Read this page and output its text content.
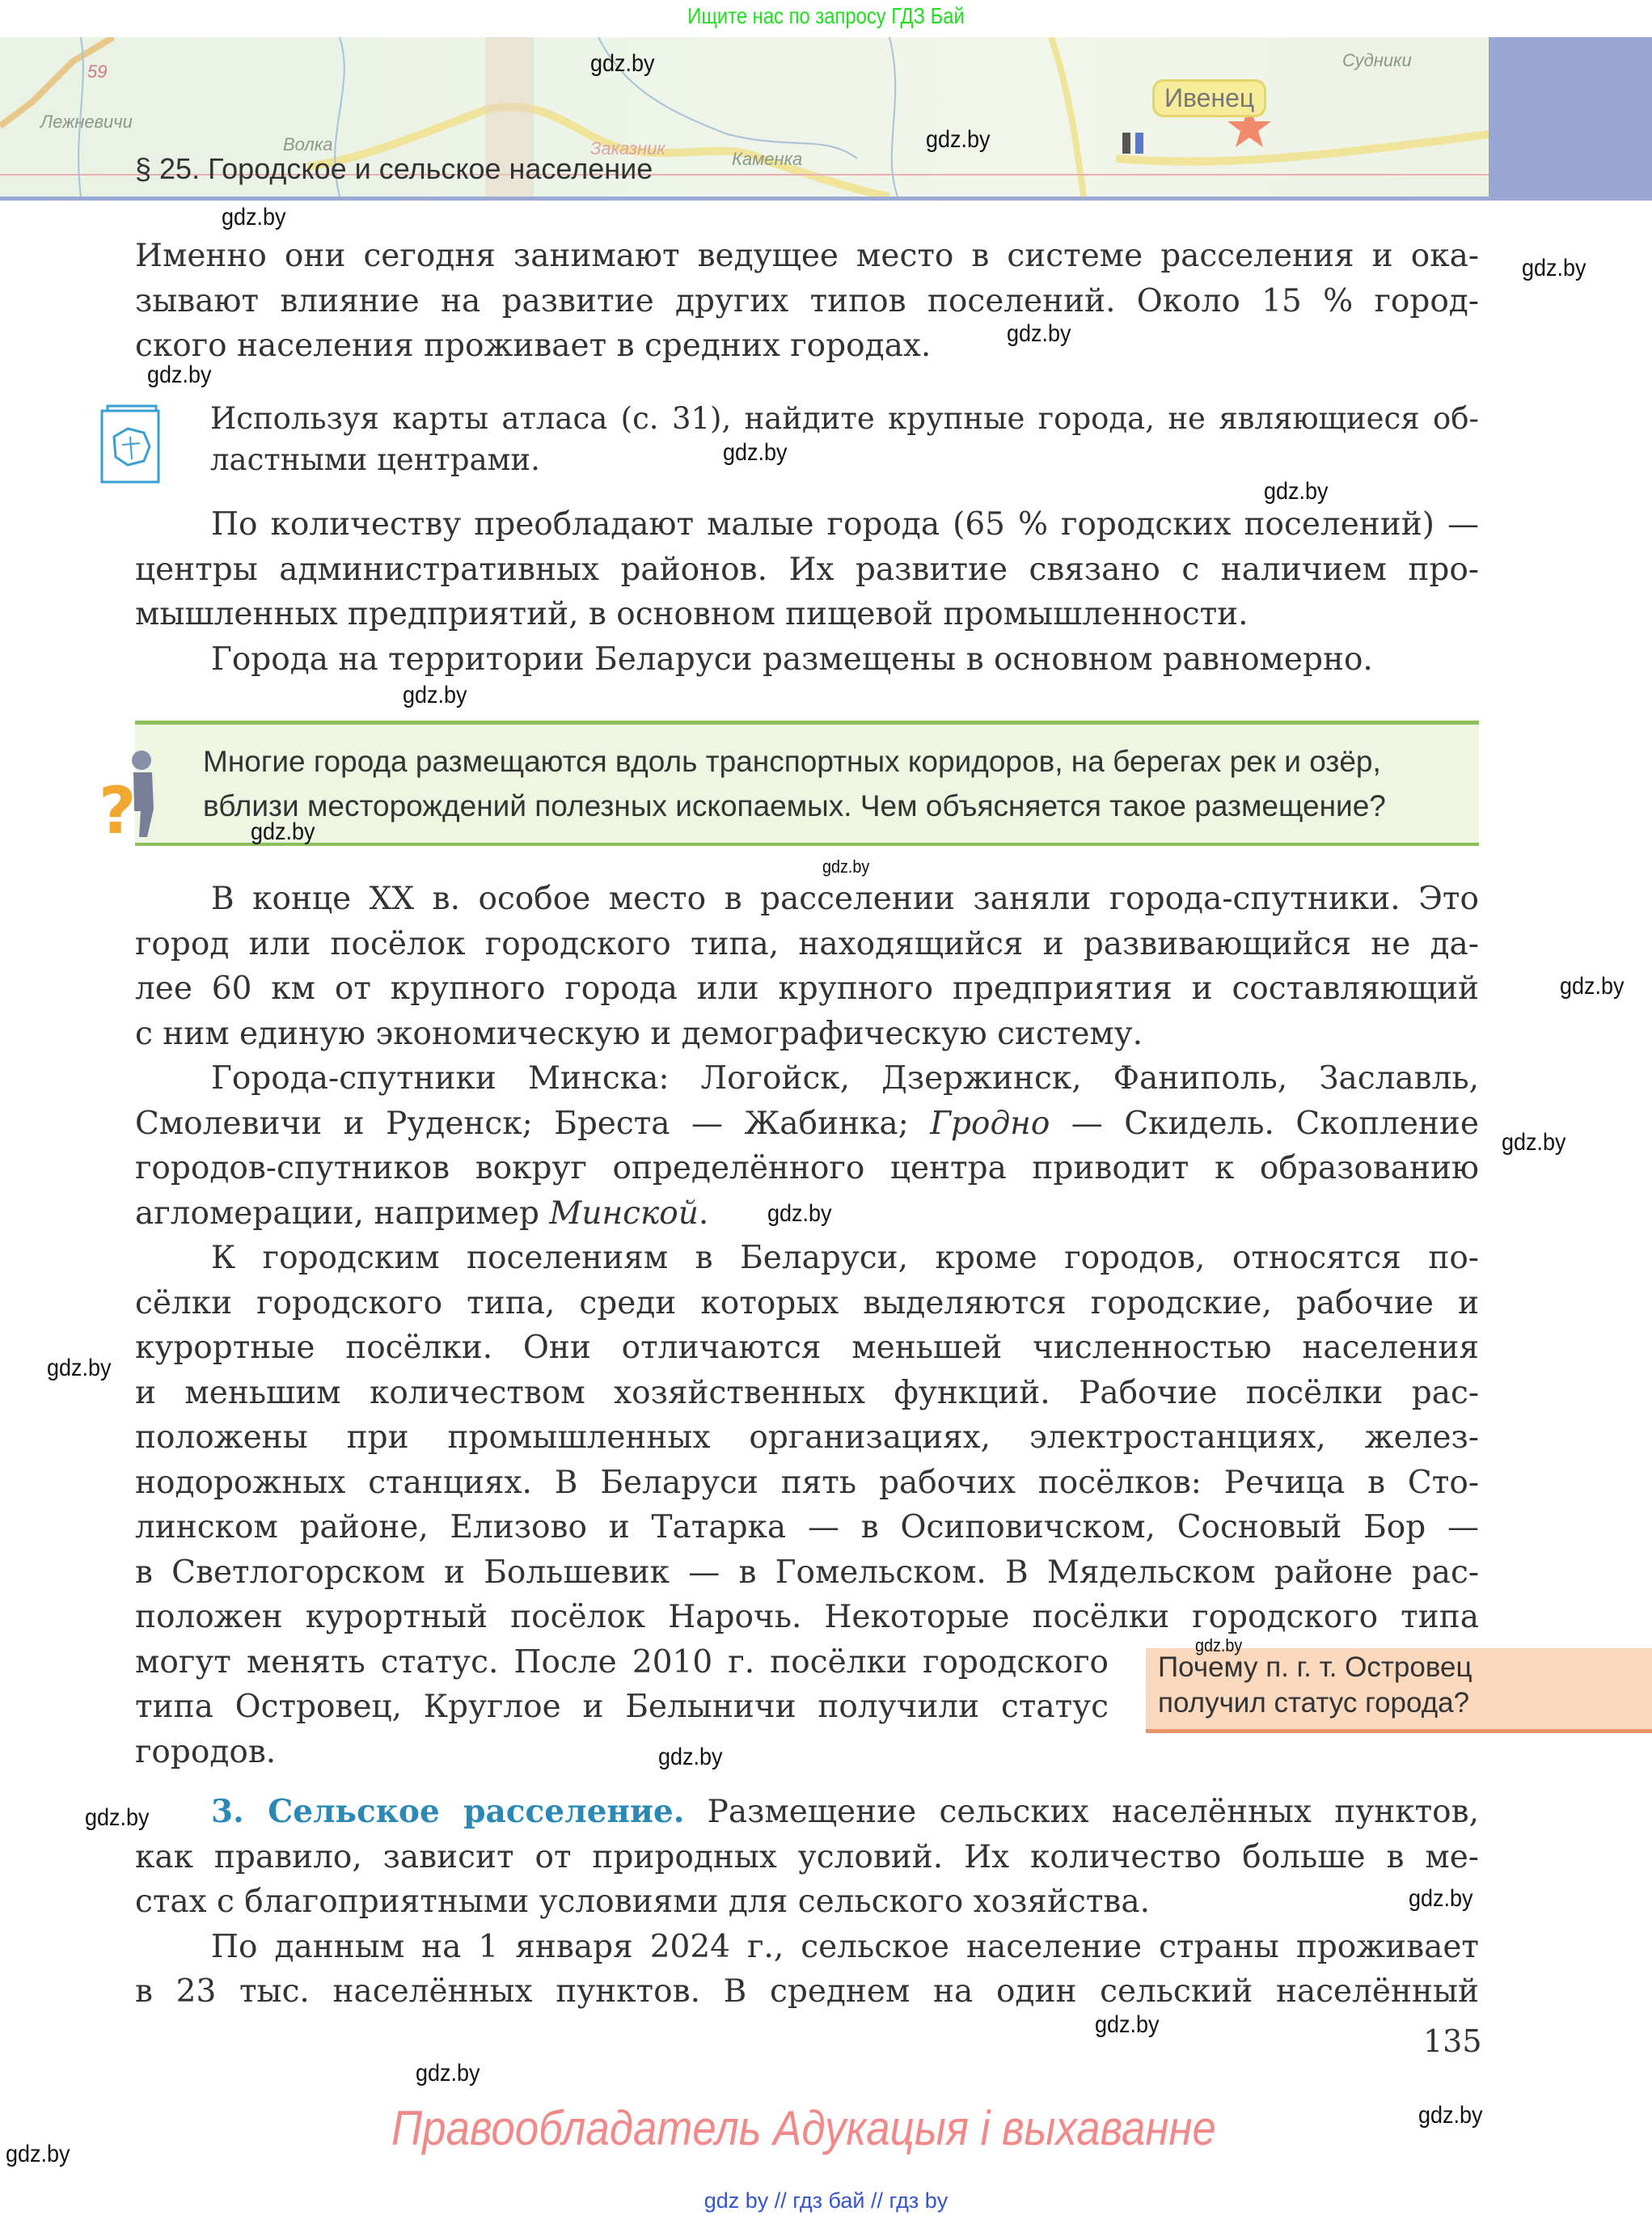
Ищите нас по запросу ГДЗ Бай
59
Лежневичи
Волка	Заказник
Каменка
Судники
Ивенец
§ 25. Городское и сельское население
Именно они сегодня занимают ведущее место в системе расселения и ока-
зывают влияние на развитие других типов поселений. Около 15 % город-
ского населения проживает в средних городах.
Используя карты атласа (с. 31), найдите крупные города, не являющиеся об-
ластными центрами.
По количеству преобладают малые города (65 % городских поселений) —
центры административных районов. Их развитие связано с наличием про-
мышленных предприятий, в основном пищевой промышленности.
Города на территории Беларуси размещены в основном равномерно.
?
Многие города размещаются вдоль транспортных коридоров, на берегах рек и озёр,
вблизи месторождений полезных ископаемых. Чем объясняется такое размещение?
В конце XX в. особое место в расселении заняли города-спутники. Это
город или посёлок городского типа, находящийся и развивающийся не да-
лее 60 км от крупного города или крупного предприятия и составляющий
с ним единую экономическую и демографическую систему.
Города-спутники Минска: Логойск, Дзержинск, Фаниполь, Заславль,
Смолевичи и Руденск; Бреста — Жабинка; Гродно — Скидель. Скопление
городов-спутников вокруг определённого центра приводит к образованию
агломерации, например Минской.
К городским поселениям в Беларуси, кроме городов, относятся по-
сёлки городского типа, среди которых выделяются городские, рабочие и
курортные посёлки. Они отличаются меньшей численностью населения
и меньшим количеством хозяйственных функций. Рабочие посёлки рас-
положены при промышленных организациях, электростанциях, желез-
нодорожных станциях. В Беларуси пять рабочих посёлков: Речица в Сто-
линском районе, Елизово и Татарка — в Осиповичском, Сосновый Бор —
в Светлогорском и Большевик — в Гомельском. В Мядельском районе рас-
положен курортный посёлок Нарочь. Некоторые посёлки городского типа
могут менять статус. После 2010 г. посёлки городского
типа Островец, Круглое и Белыничи получили статус
городов.
Почему п. г. т. Островец
получил статус города?
3. Сельское расселение. Размещение сельских населённых пунктов,
как правило, зависит от природных условий. Их количество больше в ме-
стах с благоприятными условиями для сельского хозяйства.
По данным на 1 января 2024 г., сельское население страны проживает
в 23 тыс. населённых пунктов. В среднем на один сельский населённый
135
Правообладатель Адукацыя і выхаванне
gdz by // гдз бай // гдз by
gdz.by
gdz.by
gdz.by
gdz.by
gdz.by
gdz.by
gdz.by
gdz.by
gdz.by
gdz.by
gdz.by
gdz.by
gdz.by
gdz.by
gdz.by
gdz.by
gdz.by
gdz.by
gdz.by
gdz.by
gdz.by
gdz.by
gdz.by
